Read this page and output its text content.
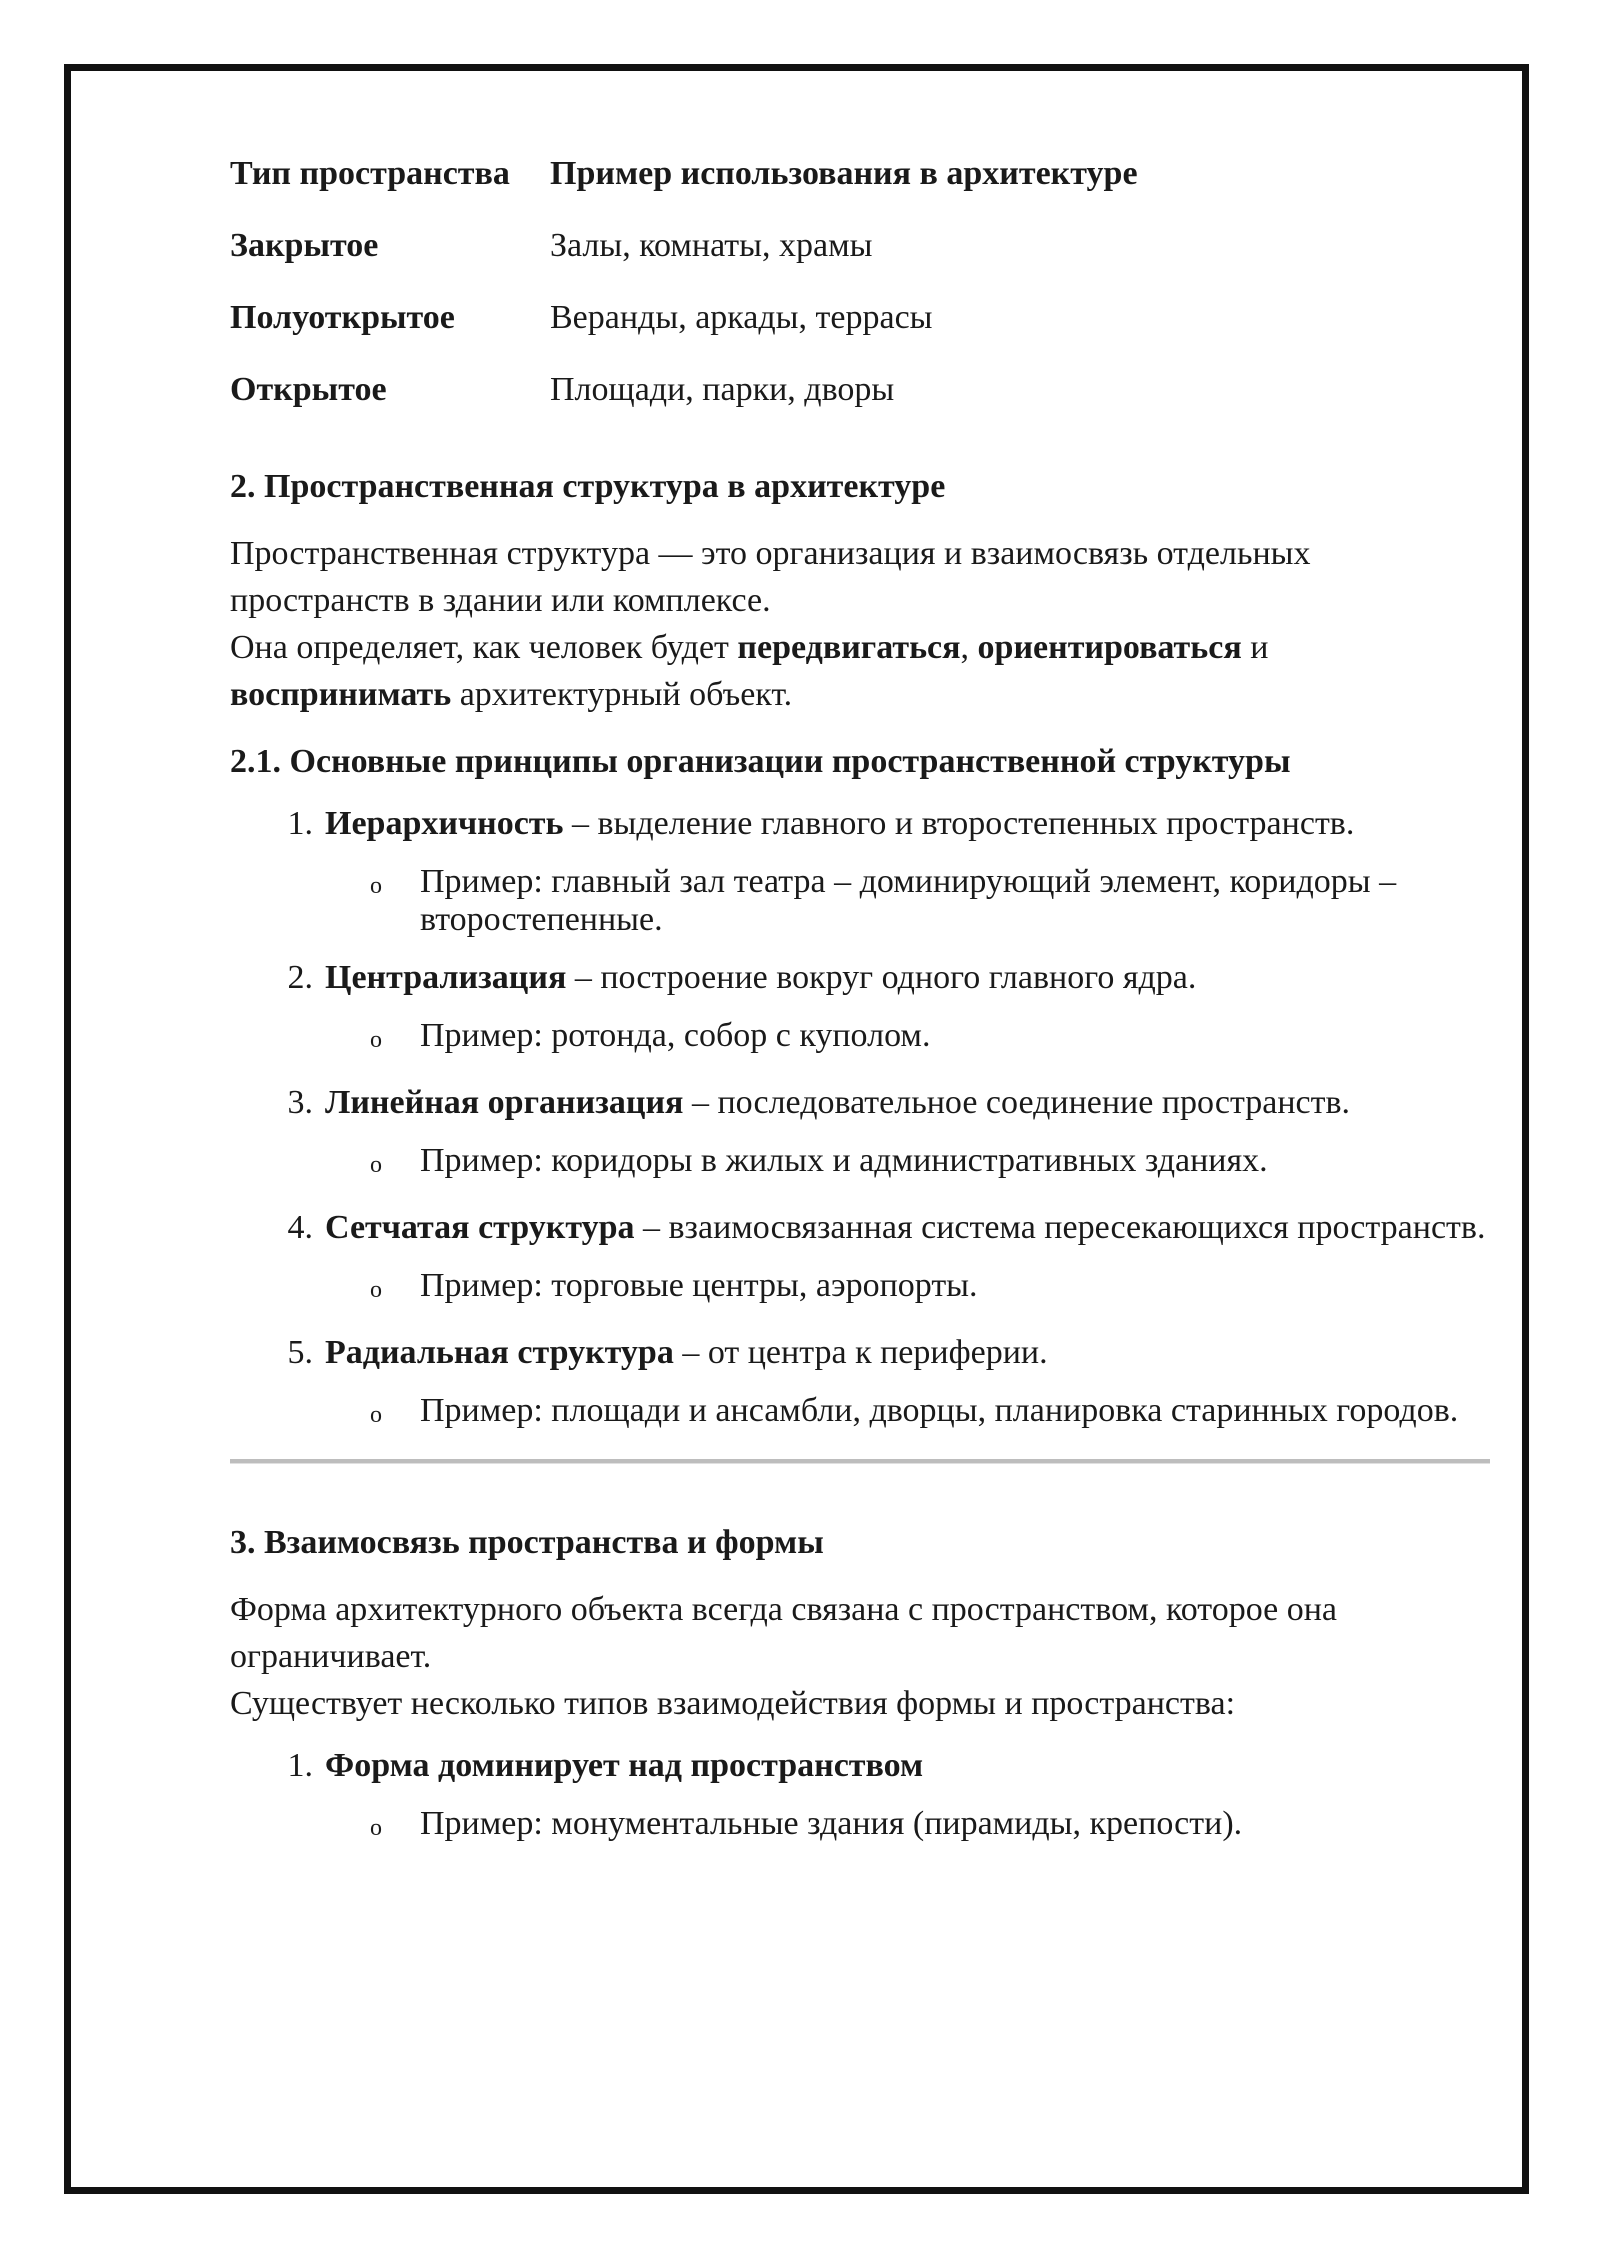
Тип пространства	Пример использования в архитектуре
Закрытое	Залы, комнаты, храмы
Полуоткрытое	Веранды, аркады, террасы
Открытое	Площади, парки, дворы

2. Пространственная структура в архитектуре

Пространственная структура — это организация и взаимосвязь отдельных пространств в здании или комплексе.

Она определяет, как человек будет передвигаться, ориентироваться и воспринимать архитектурный объект.

2.1. Основные принципы организации пространственной структуры

1. Иерархичность – выделение главного и второстепенных пространств.
o	Пример: главный зал театра – доминирующий элемент, коридоры – второстепенные.
2. Централизация – построение вокруг одного главного ядра.
o	Пример: ротонда, собор с куполом.
3. Линейная организация – последовательное соединение пространств.
o	Пример: коридоры в жилых и административных зданиях.
4. Сетчатая структура – взаимосвязанная система пересекающихся пространств.
o	Пример: торговые центры, аэропорты.
5. Радиальная структура – от центра к периферии.
o	Пример: площади и ансамбли, дворцы, планировка старинных городов.

3. Взаимосвязь пространства и формы

Форма архитектурного объекта всегда связана с пространством, которое она ограничивает.

Существует несколько типов взаимодействия формы и пространства:

1. Форма доминирует над пространством
o	Пример: монументальные здания (пирамиды, крепости).
